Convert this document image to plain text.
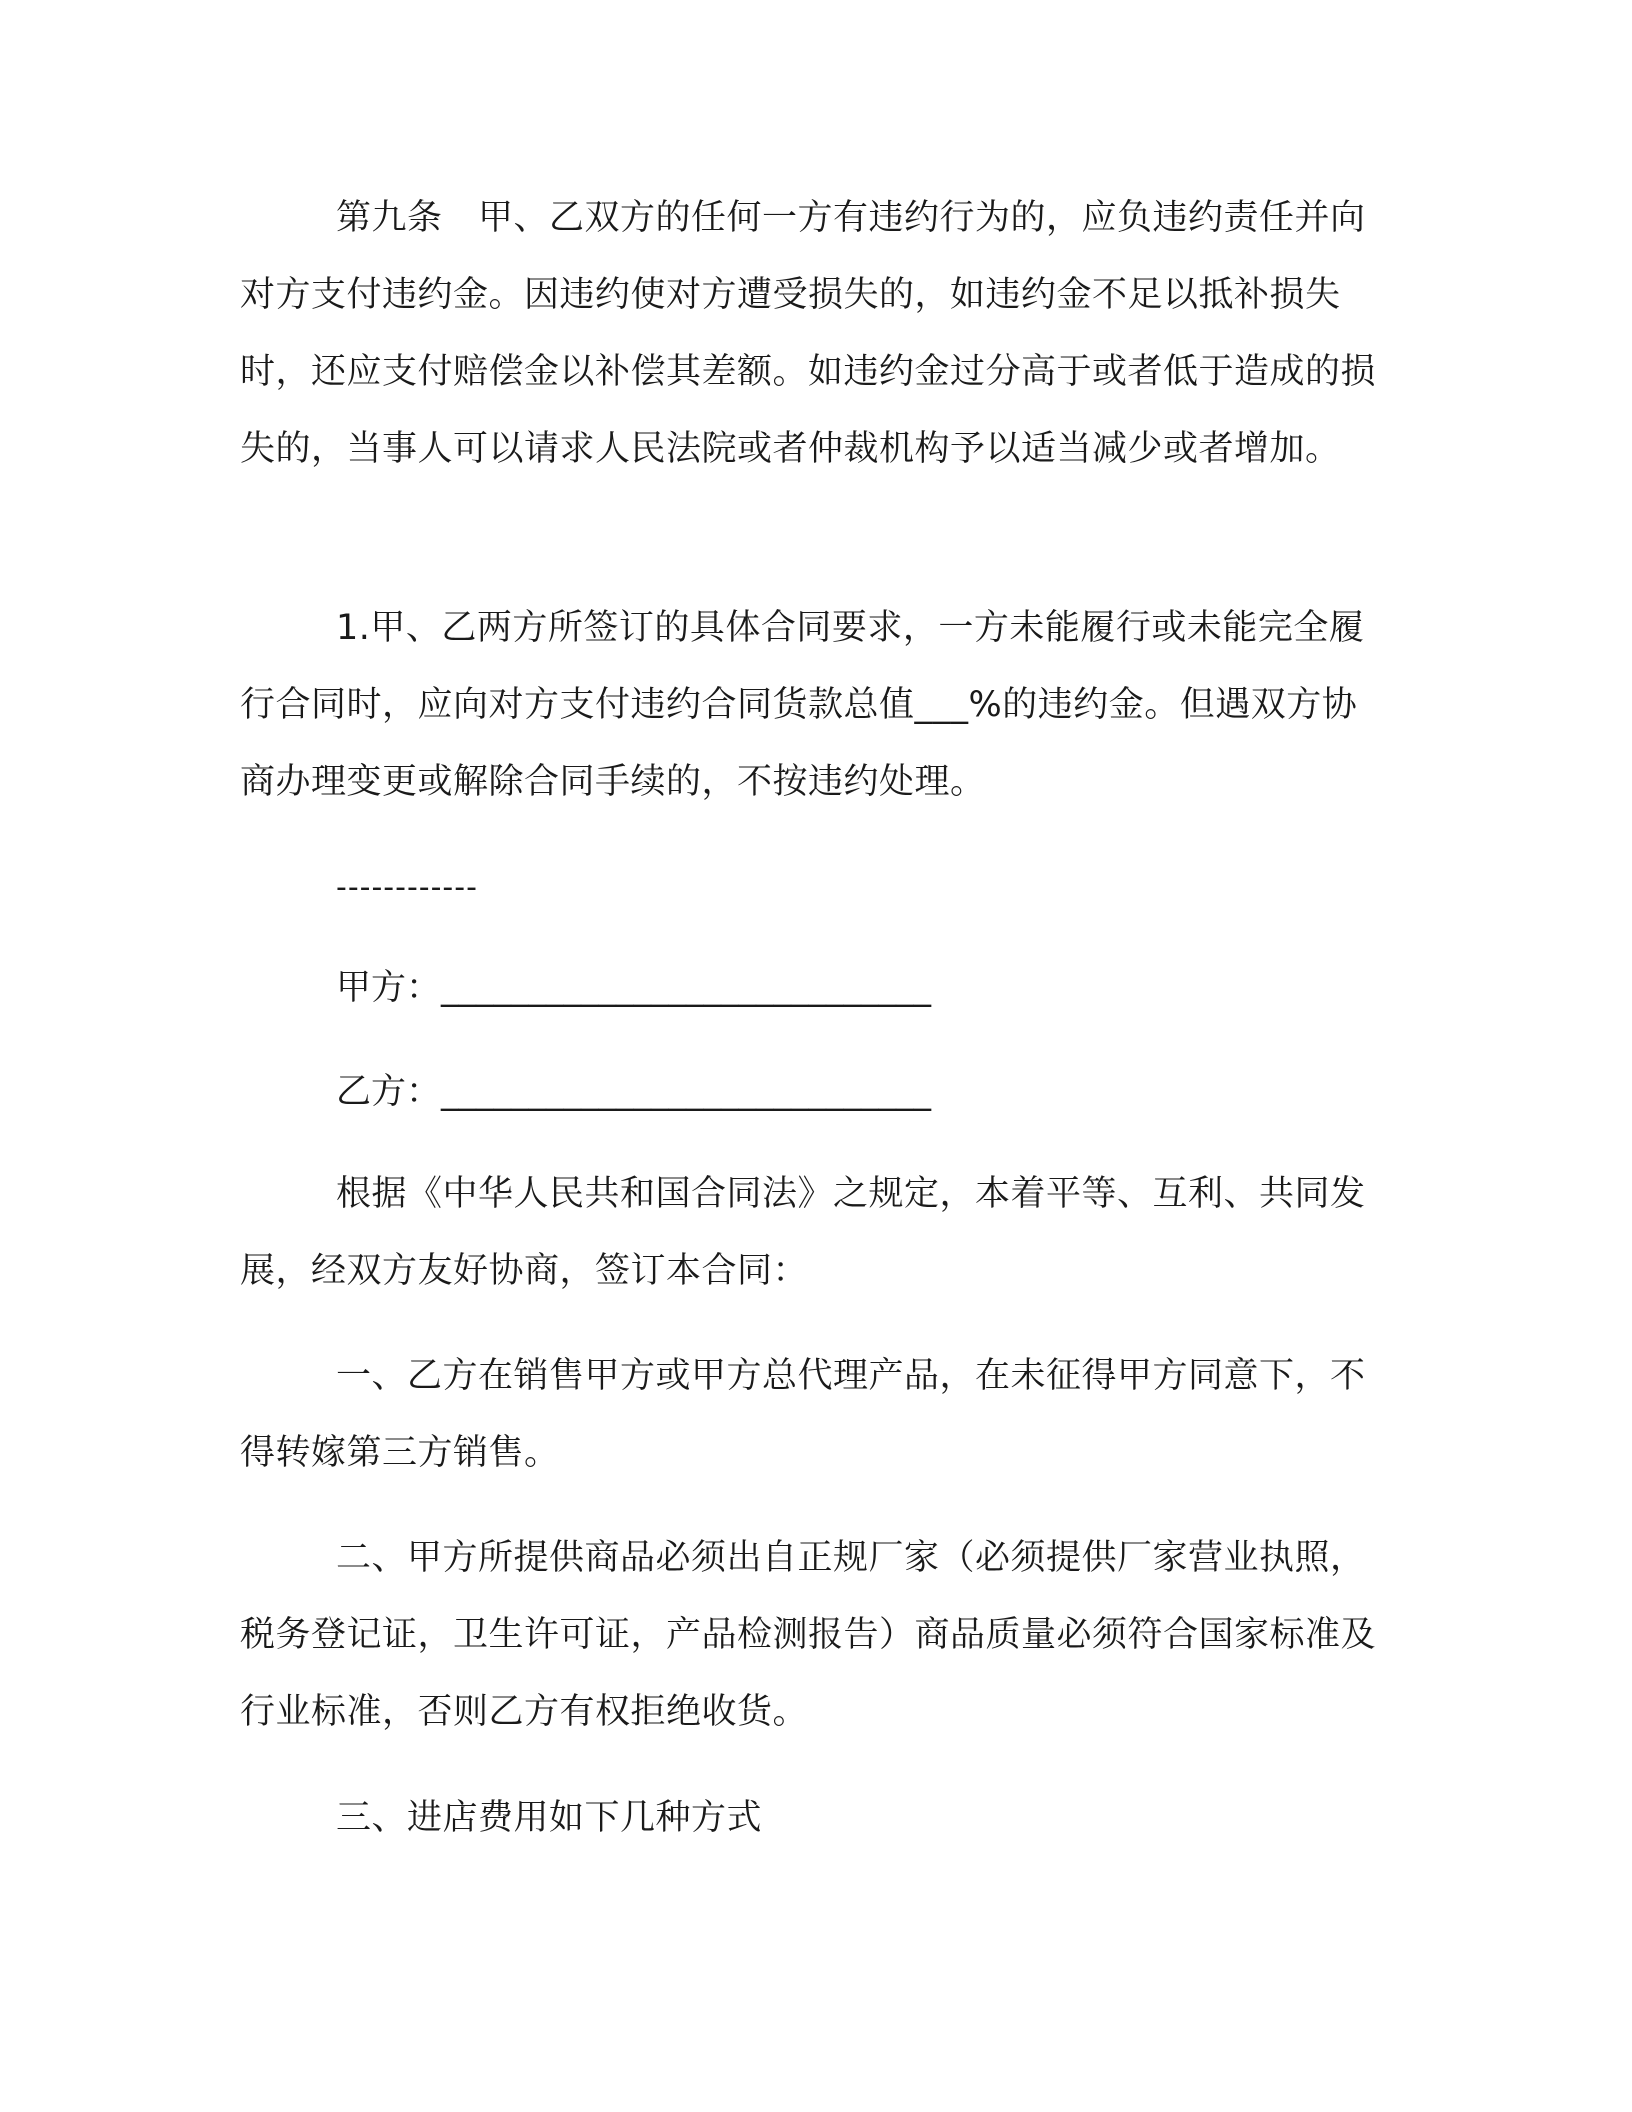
第九条　甲、乙双方的任何一方有违约行为的，应负违约责任并向对方支付违约金。因违约使对方遭受损失的，如违约金不足以抵补损失时，还应支付赔偿金以补偿其差额。如违约金过分高于或者低于造成的损失的，当事人可以请求人民法院或者仲裁机构予以适当减少或者增加。

1.甲、乙两方所签订的具体合同要求，一方未能履行或未能完全履行合同时，应向对方支付违约合同货款总值___%的违约金。但遇双方协商办理变更或解除合同手续的，不按违约处理。

------------

甲方：____________________________

乙方：____________________________

根据《中华人民共和国合同法》之规定，本着平等、互利、共同发展，经双方友好协商，签订本合同：

一、乙方在销售甲方或甲方总代理产品，在未征得甲方同意下，不得转嫁第三方销售。

二、甲方所提供商品必须出自正规厂家（必须提供厂家营业执照，税务登记证，卫生许可证，产品检测报告）商品质量必须符合国家标准及行业标准，否则乙方有权拒绝收货。

三、进店费用如下几种方式
